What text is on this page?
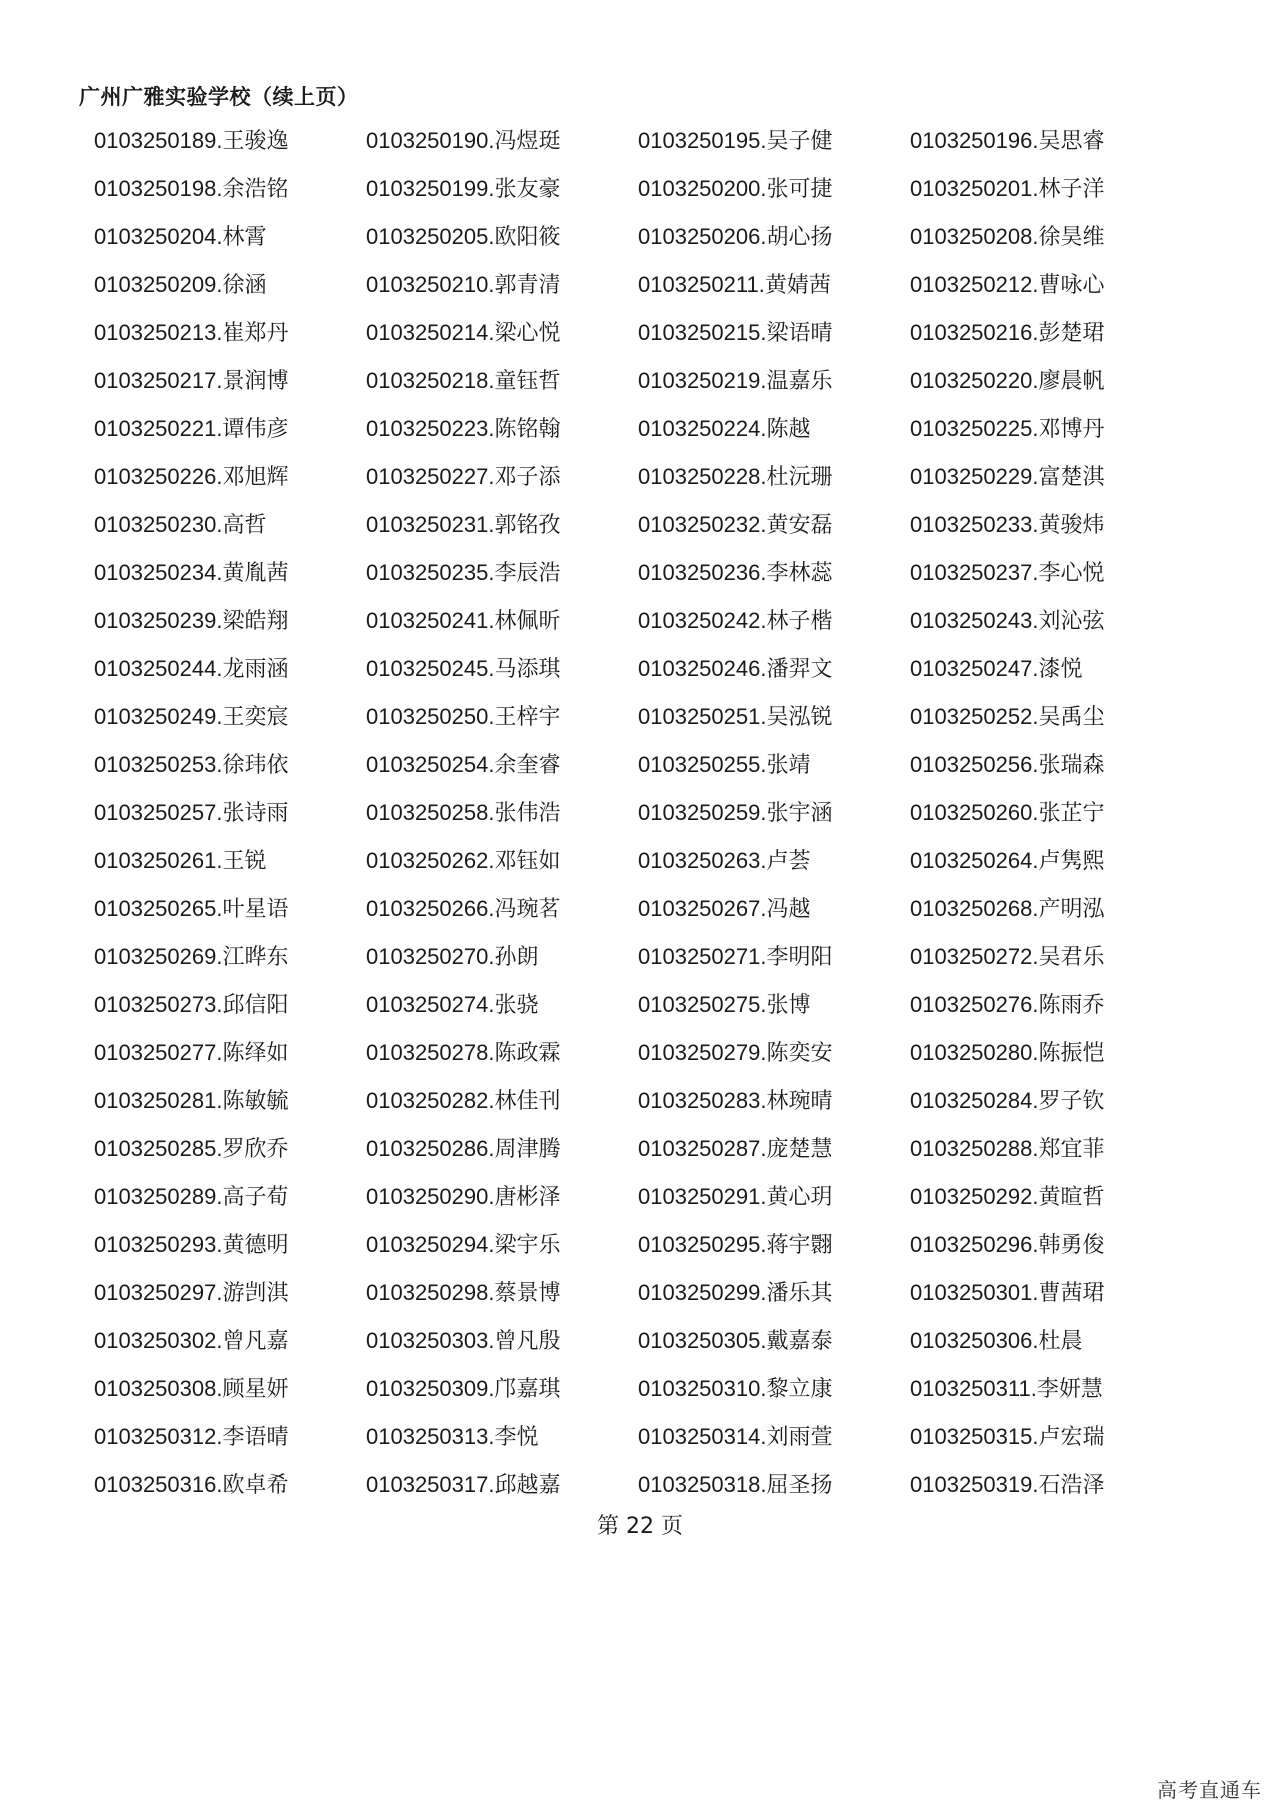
广州广雅实验学校（续上页）
0103250189.王骏逸	0103250190.冯煜珽	0103250195.吴子健	0103250196.吴思睿
0103250198.余浩铭	0103250199.张友豪	0103250200.张可捷	0103250201.林子洋
0103250204.林霄	0103250205.欧阳筱	0103250206.胡心扬	0103250208.徐昊维
0103250209.徐涵	0103250210.郭青清	0103250211.黄婧茜	0103250212.曹咏心
0103250213.崔郑丹	0103250214.梁心悦	0103250215.梁语晴	0103250216.彭楚珺
0103250217.景润博	0103250218.童钰哲	0103250219.温嘉乐	0103250220.廖晨帆
0103250221.谭伟彦	0103250223.陈铭翰	0103250224.陈越	0103250225.邓博丹
0103250226.邓旭辉	0103250227.邓子添	0103250228.杜沅珊	0103250229.富楚淇
0103250230.高哲	0103250231.郭铭孜	0103250232.黄安磊	0103250233.黄骏炜
0103250234.黄胤茜	0103250235.李辰浩	0103250236.李林蕊	0103250237.李心悦
0103250239.梁皓翔	0103250241.林佩昕	0103250242.林子楷	0103250243.刘沁弦
0103250244.龙雨涵	0103250245.马添琪	0103250246.潘羿文	0103250247.漆悦
0103250249.王奕宸	0103250250.王梓宇	0103250251.吴泓锐	0103250252.吴禹尘
0103250253.徐玮依	0103250254.余奎睿	0103250255.张靖	0103250256.张瑞森
0103250257.张诗雨	0103250258.张伟浩	0103250259.张宇涵	0103250260.张芷宁
0103250261.王锐	0103250262.邓钰如	0103250263.卢荟	0103250264.卢隽熙
0103250265.叶星语	0103250266.冯琬茗	0103250267.冯越	0103250268.产明泓
0103250269.江晔东	0103250270.孙朗	0103250271.李明阳	0103250272.吴君乐
0103250273.邱信阳	0103250274.张骁	0103250275.张博	0103250276.陈雨乔
0103250277.陈绎如	0103250278.陈政霖	0103250279.陈奕安	0103250280.陈振恺
0103250281.陈敏毓	0103250282.林佳刊	0103250283.林琬晴	0103250284.罗子钦
0103250285.罗欣乔	0103250286.周津腾	0103250287.庞楚慧	0103250288.郑宜菲
0103250289.高子荀	0103250290.唐彬泽	0103250291.黄心玥	0103250292.黄暄哲
0103250293.黄德明	0103250294.梁宇乐	0103250295.蒋宇翾	0103250296.韩勇俊
0103250297.游剀淇	0103250298.蔡景博	0103250299.潘乐其	0103250301.曹茜珺
0103250302.曾凡嘉	0103250303.曾凡殷	0103250305.戴嘉泰	0103250306.杜晨
0103250308.顾星妍	0103250309.邝嘉琪	0103250310.黎立康	0103250311.李妍慧
0103250312.李语晴	0103250313.李悦	0103250314.刘雨萱	0103250315.卢宏瑞
0103250316.欧卓希	0103250317.邱越嘉	0103250318.屈圣扬	0103250319.石浩泽
第 22 页
高考直通车
